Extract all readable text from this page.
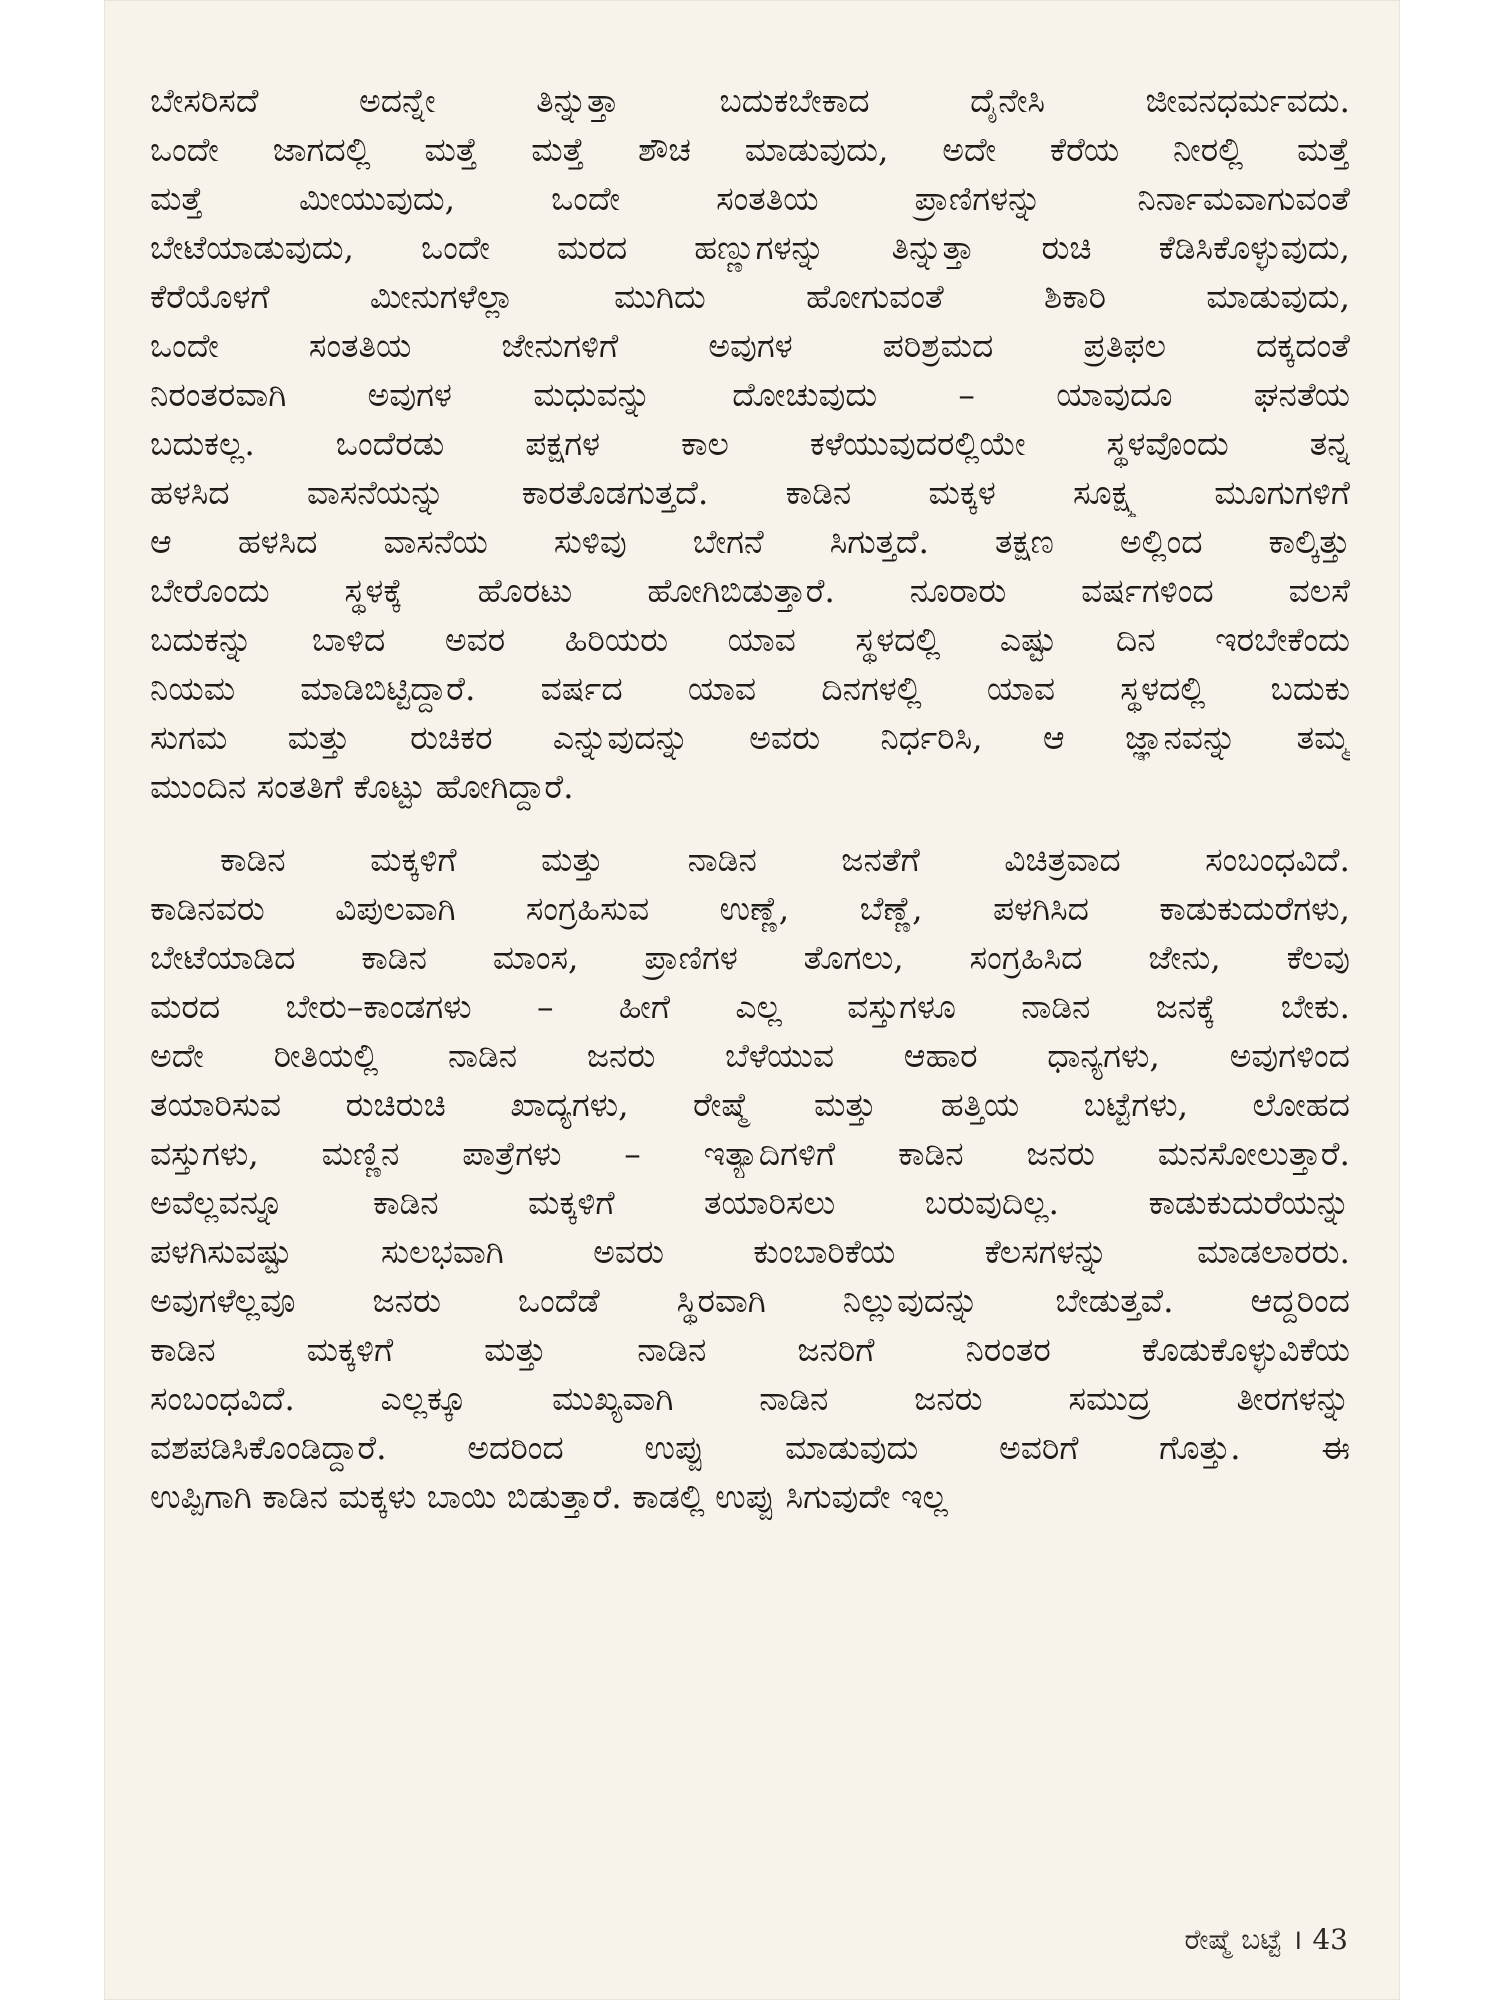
ಬೇಸರಿಸದೆ ಅದನ್ನೇ ತಿನ್ನುತ್ತಾ ಬದುಕಬೇಕಾದ ದೈನೇಸಿ ಜೀವನಧರ್ಮವದು.
ಒಂದೇ ಜಾಗದಲ್ಲಿ ಮತ್ತೆ ಮತ್ತೆ ಶೌಚ ಮಾಡುವುದು, ಅದೇ ಕೆರೆಯ ನೀರಲ್ಲಿ ಮತ್ತೆ
ಮತ್ತೆ ಮೀಯುವುದು, ಒಂದೇ ಸಂತತಿಯ ಪ್ರಾಣಿಗಳನ್ನು ನಿರ್ನಾಮವಾಗುವಂತೆ
ಬೇಟೆಯಾಡುವುದು, ಒಂದೇ ಮರದ ಹಣ್ಣುಗಳನ್ನು ತಿನ್ನುತ್ತಾ ರುಚಿ ಕೆಡಿಸಿಕೊಳ್ಳುವುದು,
ಕೆರೆಯೊಳಗೆ ಮೀನುಗಳೆಲ್ಲಾ ಮುಗಿದು ಹೋಗುವಂತೆ ಶಿಕಾರಿ ಮಾಡುವುದು,
ಒಂದೇ ಸಂತತಿಯ ಜೇನುಗಳಿಗೆ ಅವುಗಳ ಪರಿಶ್ರಮದ ಪ್ರತಿಫಲ ದಕ್ಕದಂತೆ
ನಿರಂತರವಾಗಿ ಅವುಗಳ ಮಧುವನ್ನು ದೋಚುವುದು – ಯಾವುದೂ ಘನತೆಯ
ಬದುಕಲ್ಲ. ಒಂದೆರಡು ಪಕ್ಷಗಳ ಕಾಲ ಕಳೆಯುವುದರಲ್ಲಿಯೇ ಸ್ಥಳವೊಂದು ತನ್ನ
ಹಳಸಿದ ವಾಸನೆಯನ್ನು ಕಾರತೊಡಗುತ್ತದೆ. ಕಾಡಿನ ಮಕ್ಕಳ ಸೂಕ್ಷ್ಮ ಮೂಗುಗಳಿಗೆ
ಆ ಹಳಸಿದ ವಾಸನೆಯ ಸುಳಿವು ಬೇಗನೆ ಸಿಗುತ್ತದೆ. ತಕ್ಷಣ ಅಲ್ಲಿಂದ ಕಾಲ್ಕಿತ್ತು
ಬೇರೊಂದು ಸ್ಥಳಕ್ಕೆ ಹೊರಟು ಹೋಗಿಬಿಡುತ್ತಾರೆ. ನೂರಾರು ವರ್ಷಗಳಿಂದ ವಲಸೆ
ಬದುಕನ್ನು ಬಾಳಿದ ಅವರ ಹಿರಿಯರು ಯಾವ ಸ್ಥಳದಲ್ಲಿ ಎಷ್ಟು ದಿನ ಇರಬೇಕೆಂದು
ನಿಯಮ ಮಾಡಿಬಿಟ್ಟಿದ್ದಾರೆ. ವರ್ಷದ ಯಾವ ದಿನಗಳಲ್ಲಿ ಯಾವ ಸ್ಥಳದಲ್ಲಿ ಬದುಕು
ಸುಗಮ ಮತ್ತು ರುಚಿಕರ ಎನ್ನುವುದನ್ನು ಅವರು ನಿರ್ಧರಿಸಿ, ಆ ಜ್ಞಾನವನ್ನು ತಮ್ಮ
ಮುಂದಿನ ಸಂತತಿಗೆ ಕೊಟ್ಟು ಹೋಗಿದ್ದಾರೆ.
ಕಾಡಿನ ಮಕ್ಕಳಿಗೆ ಮತ್ತು ನಾಡಿನ ಜನತೆಗೆ ವಿಚಿತ್ರವಾದ ಸಂಬಂಧವಿದೆ.
ಕಾಡಿನವರು ವಿಪುಲವಾಗಿ ಸಂಗ್ರಹಿಸುವ ಉಣ್ಣೆ, ಬೆಣ್ಣೆ, ಪಳಗಿಸಿದ ಕಾಡುಕುದುರೆಗಳು,
ಬೇಟೆಯಾಡಿದ ಕಾಡಿನ ಮಾಂಸ, ಪ್ರಾಣಿಗಳ ತೊಗಲು, ಸಂಗ್ರಹಿಸಿದ ಜೇನು, ಕೆಲವು
ಮರದ ಬೇರು–ಕಾಂಡಗಳು – ಹೀಗೆ ಎಲ್ಲ ವಸ್ತುಗಳೂ ನಾಡಿನ ಜನಕ್ಕೆ ಬೇಕು.
ಅದೇ ರೀತಿಯಲ್ಲಿ ನಾಡಿನ ಜನರು ಬೆಳೆಯುವ ಆಹಾರ ಧಾನ್ಯಗಳು, ಅವುಗಳಿಂದ
ತಯಾರಿಸುವ ರುಚಿರುಚಿ ಖಾದ್ಯಗಳು, ರೇಷ್ಮೆ ಮತ್ತು ಹತ್ತಿಯ ಬಟ್ಟೆಗಳು, ಲೋಹದ
ವಸ್ತುಗಳು, ಮಣ್ಣಿನ ಪಾತ್ರೆಗಳು – ಇತ್ಯಾದಿಗಳಿಗೆ ಕಾಡಿನ ಜನರು ಮನಸೋಲುತ್ತಾರೆ.
ಅವೆಲ್ಲವನ್ನೂ ಕಾಡಿನ ಮಕ್ಕಳಿಗೆ ತಯಾರಿಸಲು ಬರುವುದಿಲ್ಲ. ಕಾಡುಕುದುರೆಯನ್ನು
ಪಳಗಿಸುವಷ್ಟು ಸುಲಭವಾಗಿ ಅವರು ಕುಂಬಾರಿಕೆಯ ಕೆಲಸಗಳನ್ನು ಮಾಡಲಾರರು.
ಅವುಗಳೆಲ್ಲವೂ ಜನರು ಒಂದೆಡೆ ಸ್ಥಿರವಾಗಿ ನಿಲ್ಲುವುದನ್ನು ಬೇಡುತ್ತವೆ. ಆದ್ದರಿಂದ
ಕಾಡಿನ ಮಕ್ಕಳಿಗೆ ಮತ್ತು ನಾಡಿನ ಜನರಿಗೆ ನಿರಂತರ ಕೊಡುಕೊಳ್ಳುವಿಕೆಯ
ಸಂಬಂಧವಿದೆ. ಎಲ್ಲಕ್ಕೂ ಮುಖ್ಯವಾಗಿ ನಾಡಿನ ಜನರು ಸಮುದ್ರ ತೀರಗಳನ್ನು
ವಶಪಡಿಸಿಕೊಂಡಿದ್ದಾರೆ. ಅದರಿಂದ ಉಪ್ಪು ಮಾಡುವುದು ಅವರಿಗೆ ಗೊತ್ತು. ಈ
ಉಪ್ಪಿಗಾಗಿ ಕಾಡಿನ ಮಕ್ಕಳು ಬಾಯಿ ಬಿಡುತ್ತಾರೆ. ಕಾಡಲ್ಲಿ ಉಪ್ಪು ಸಿಗುವುದೇ ಇಲ್ಲ
ರೇಷ್ಮೆ ಬಟ್ಟೆ । 43
